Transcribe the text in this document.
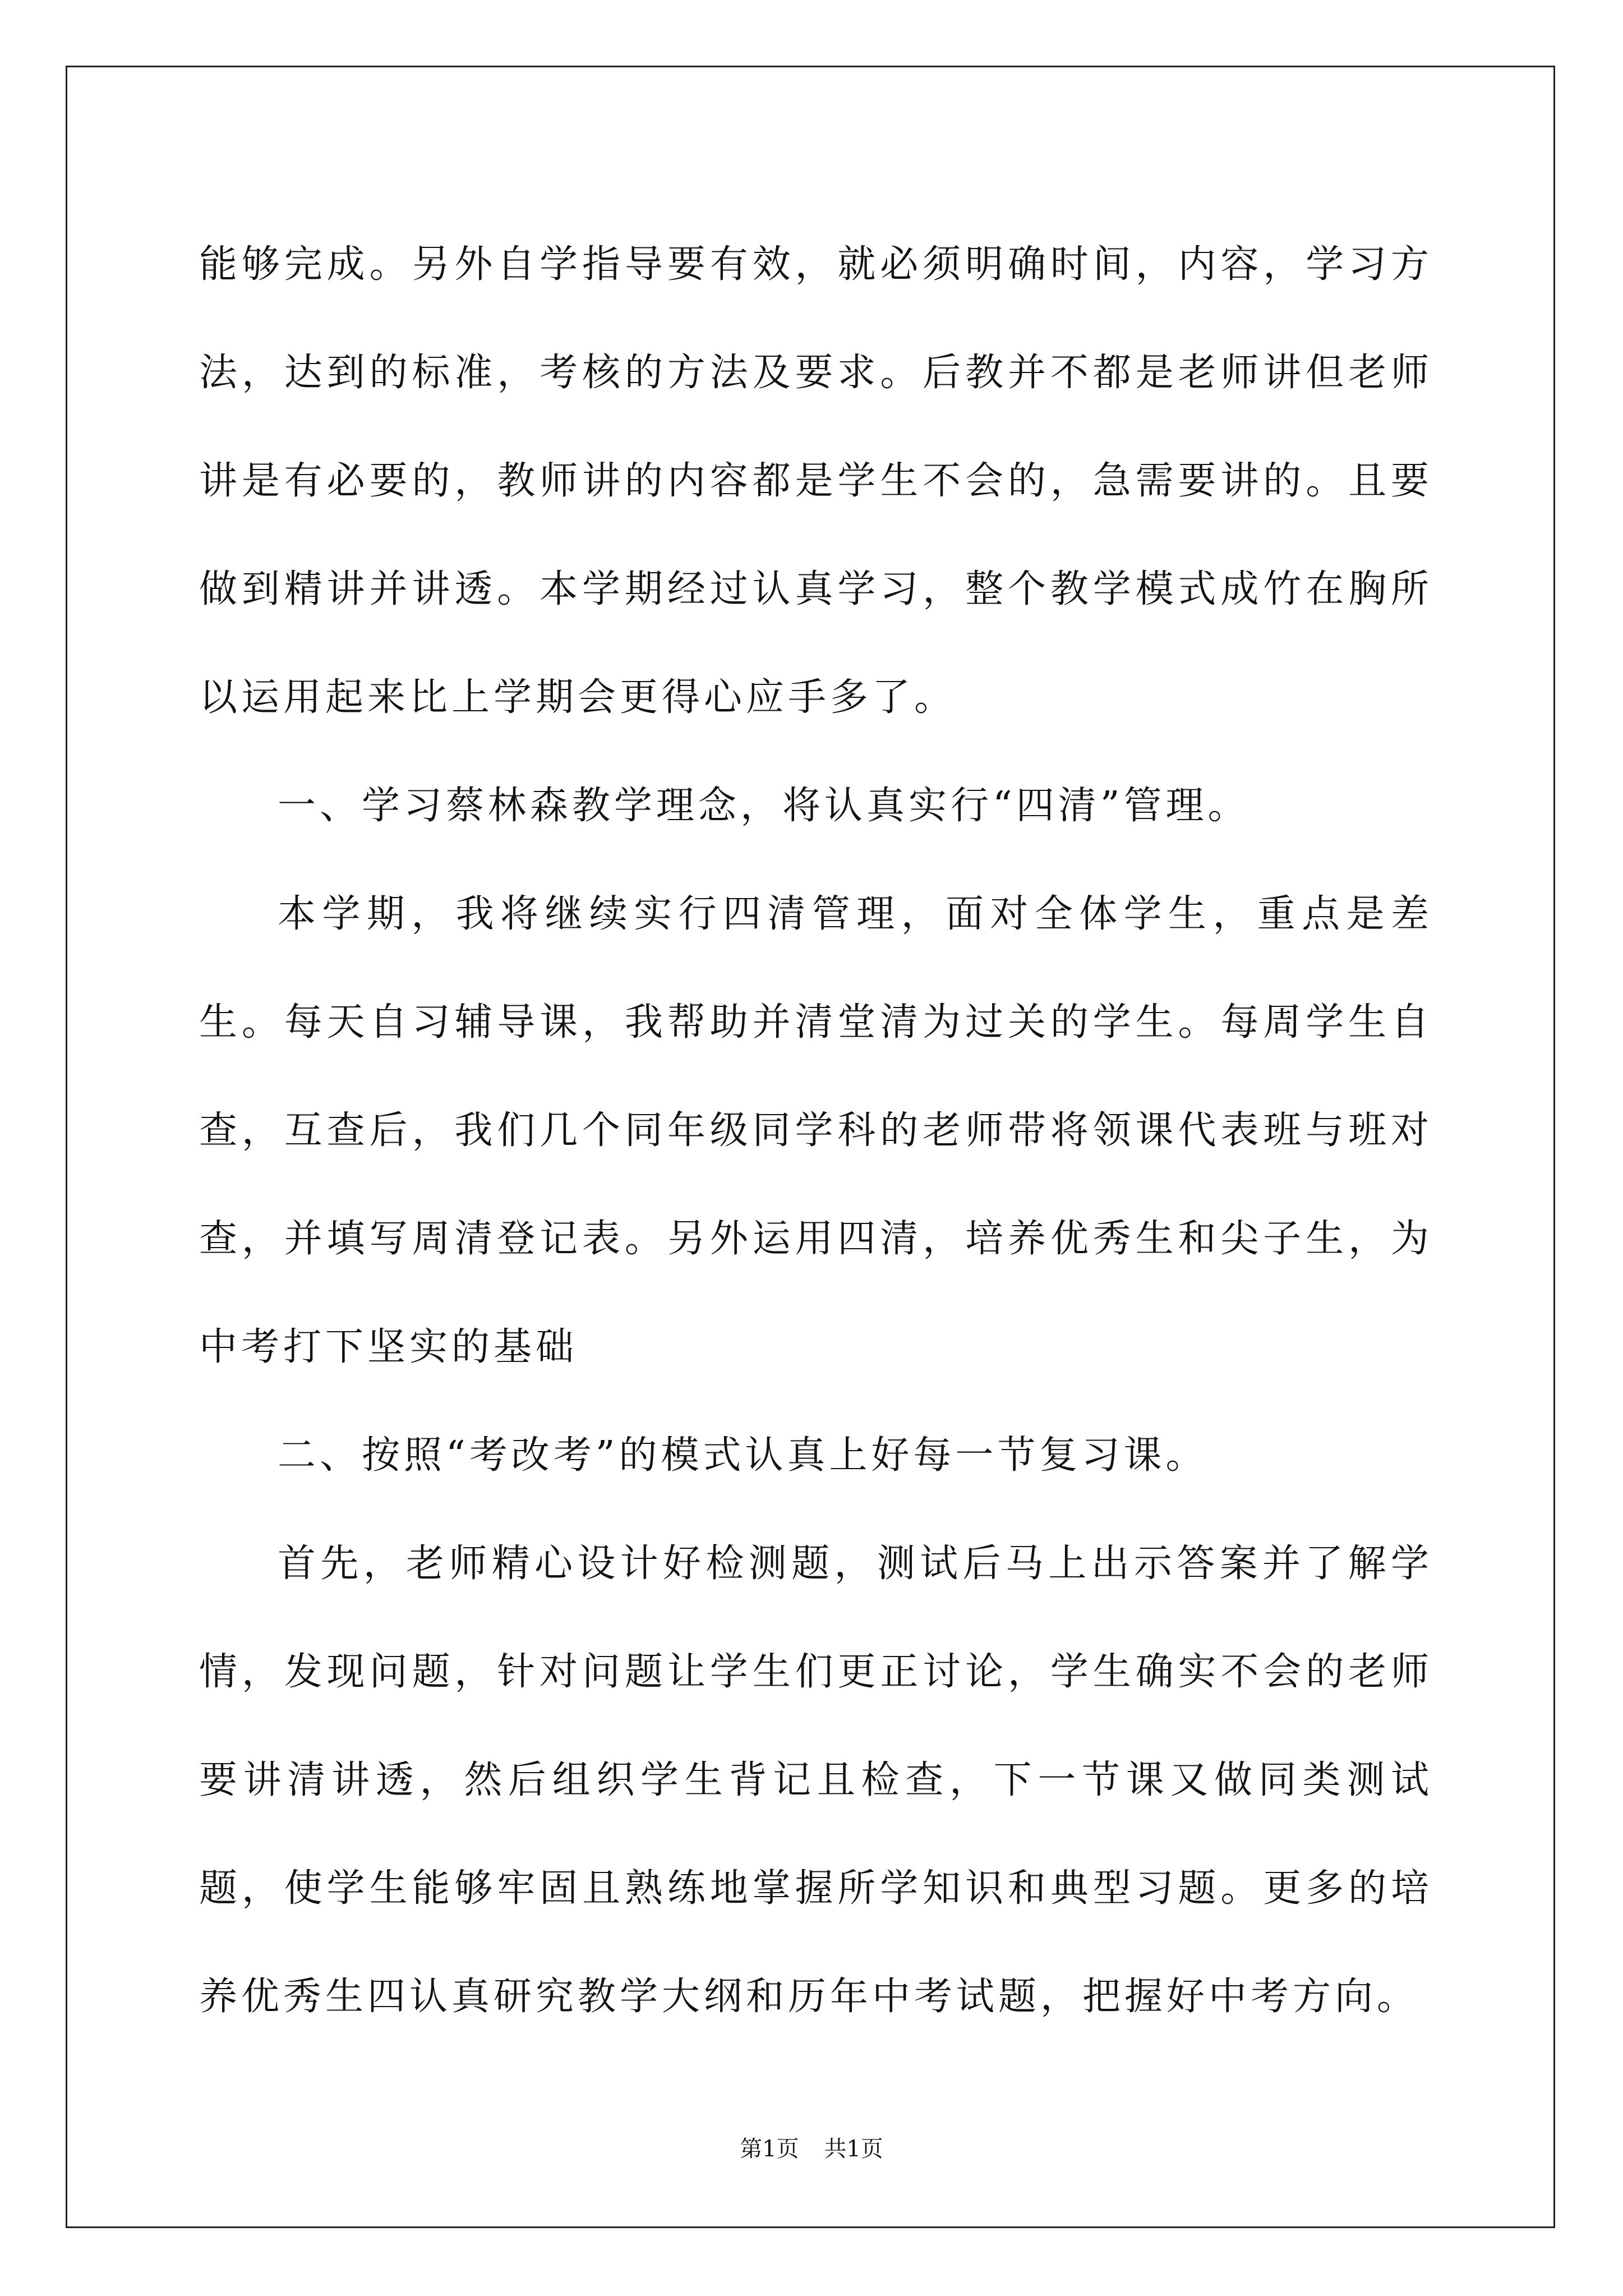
能够完成。另外自学指导要有效，就必须明确时间，内容，学习方法，达到的标准，考核的方法及要求。后教并不都是老师讲但老师讲是有必要的，教师讲的内容都是学生不会的，急需要讲的。且要做到精讲并讲透。本学期经过认真学习，整个教学模式成竹在胸所以运用起来比上学期会更得心应手多了。

一、学习蔡林森教学理念，将认真实行“四清”管理。

本学期，我将继续实行四清管理，面对全体学生，重点是差生。每天自习辅导课，我帮助并清堂清为过关的学生。每周学生自查，互查后，我们几个同年级同学科的老师带将领课代表班与班对查，并填写周清登记表。另外运用四清，培养优秀生和尖子生，为中考打下坚实的基础

二、按照“考改考”的模式认真上好每一节复习课。

首先，老师精心设计好检测题，测试后马上出示答案并了解学情，发现问题，针对问题让学生们更正讨论，学生确实不会的老师要讲清讲透，然后组织学生背记且检查，下一节课又做同类测试题，使学生能够牢固且熟练地掌握所学知识和典型习题。更多的培养优秀生四认真研究教学大纲和历年中考试题，把握好中考方向。

第1页 共1页
